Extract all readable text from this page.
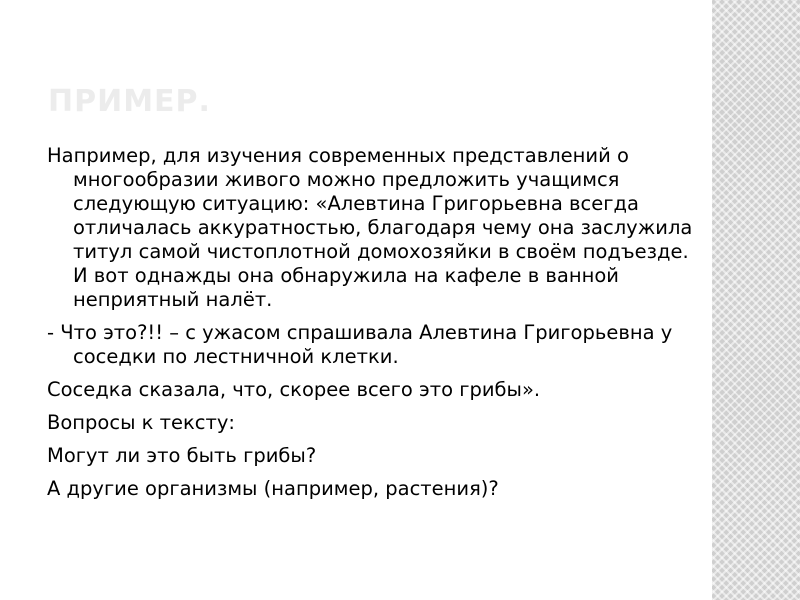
ПРИМЕР.

Например, для изучения современных представлений о многообразии живого можно предложить учащимся следующую ситуацию: «Алевтина Григорьевна всегда отличалась аккуратностью, благодаря чему она заслужила титул самой чистоплотной домохозяйки в своём подъезде. И вот однажды она обнаружила на кафеле в ванной неприятный налёт.

- Что это?!! – с ужасом спрашивала Алевтина Григорьевна у соседки по лестничной клетки.

Соседка сказала, что, скорее всего это грибы».

Вопросы к тексту:

Могут ли это быть грибы?

А другие организмы (например, растения)?
